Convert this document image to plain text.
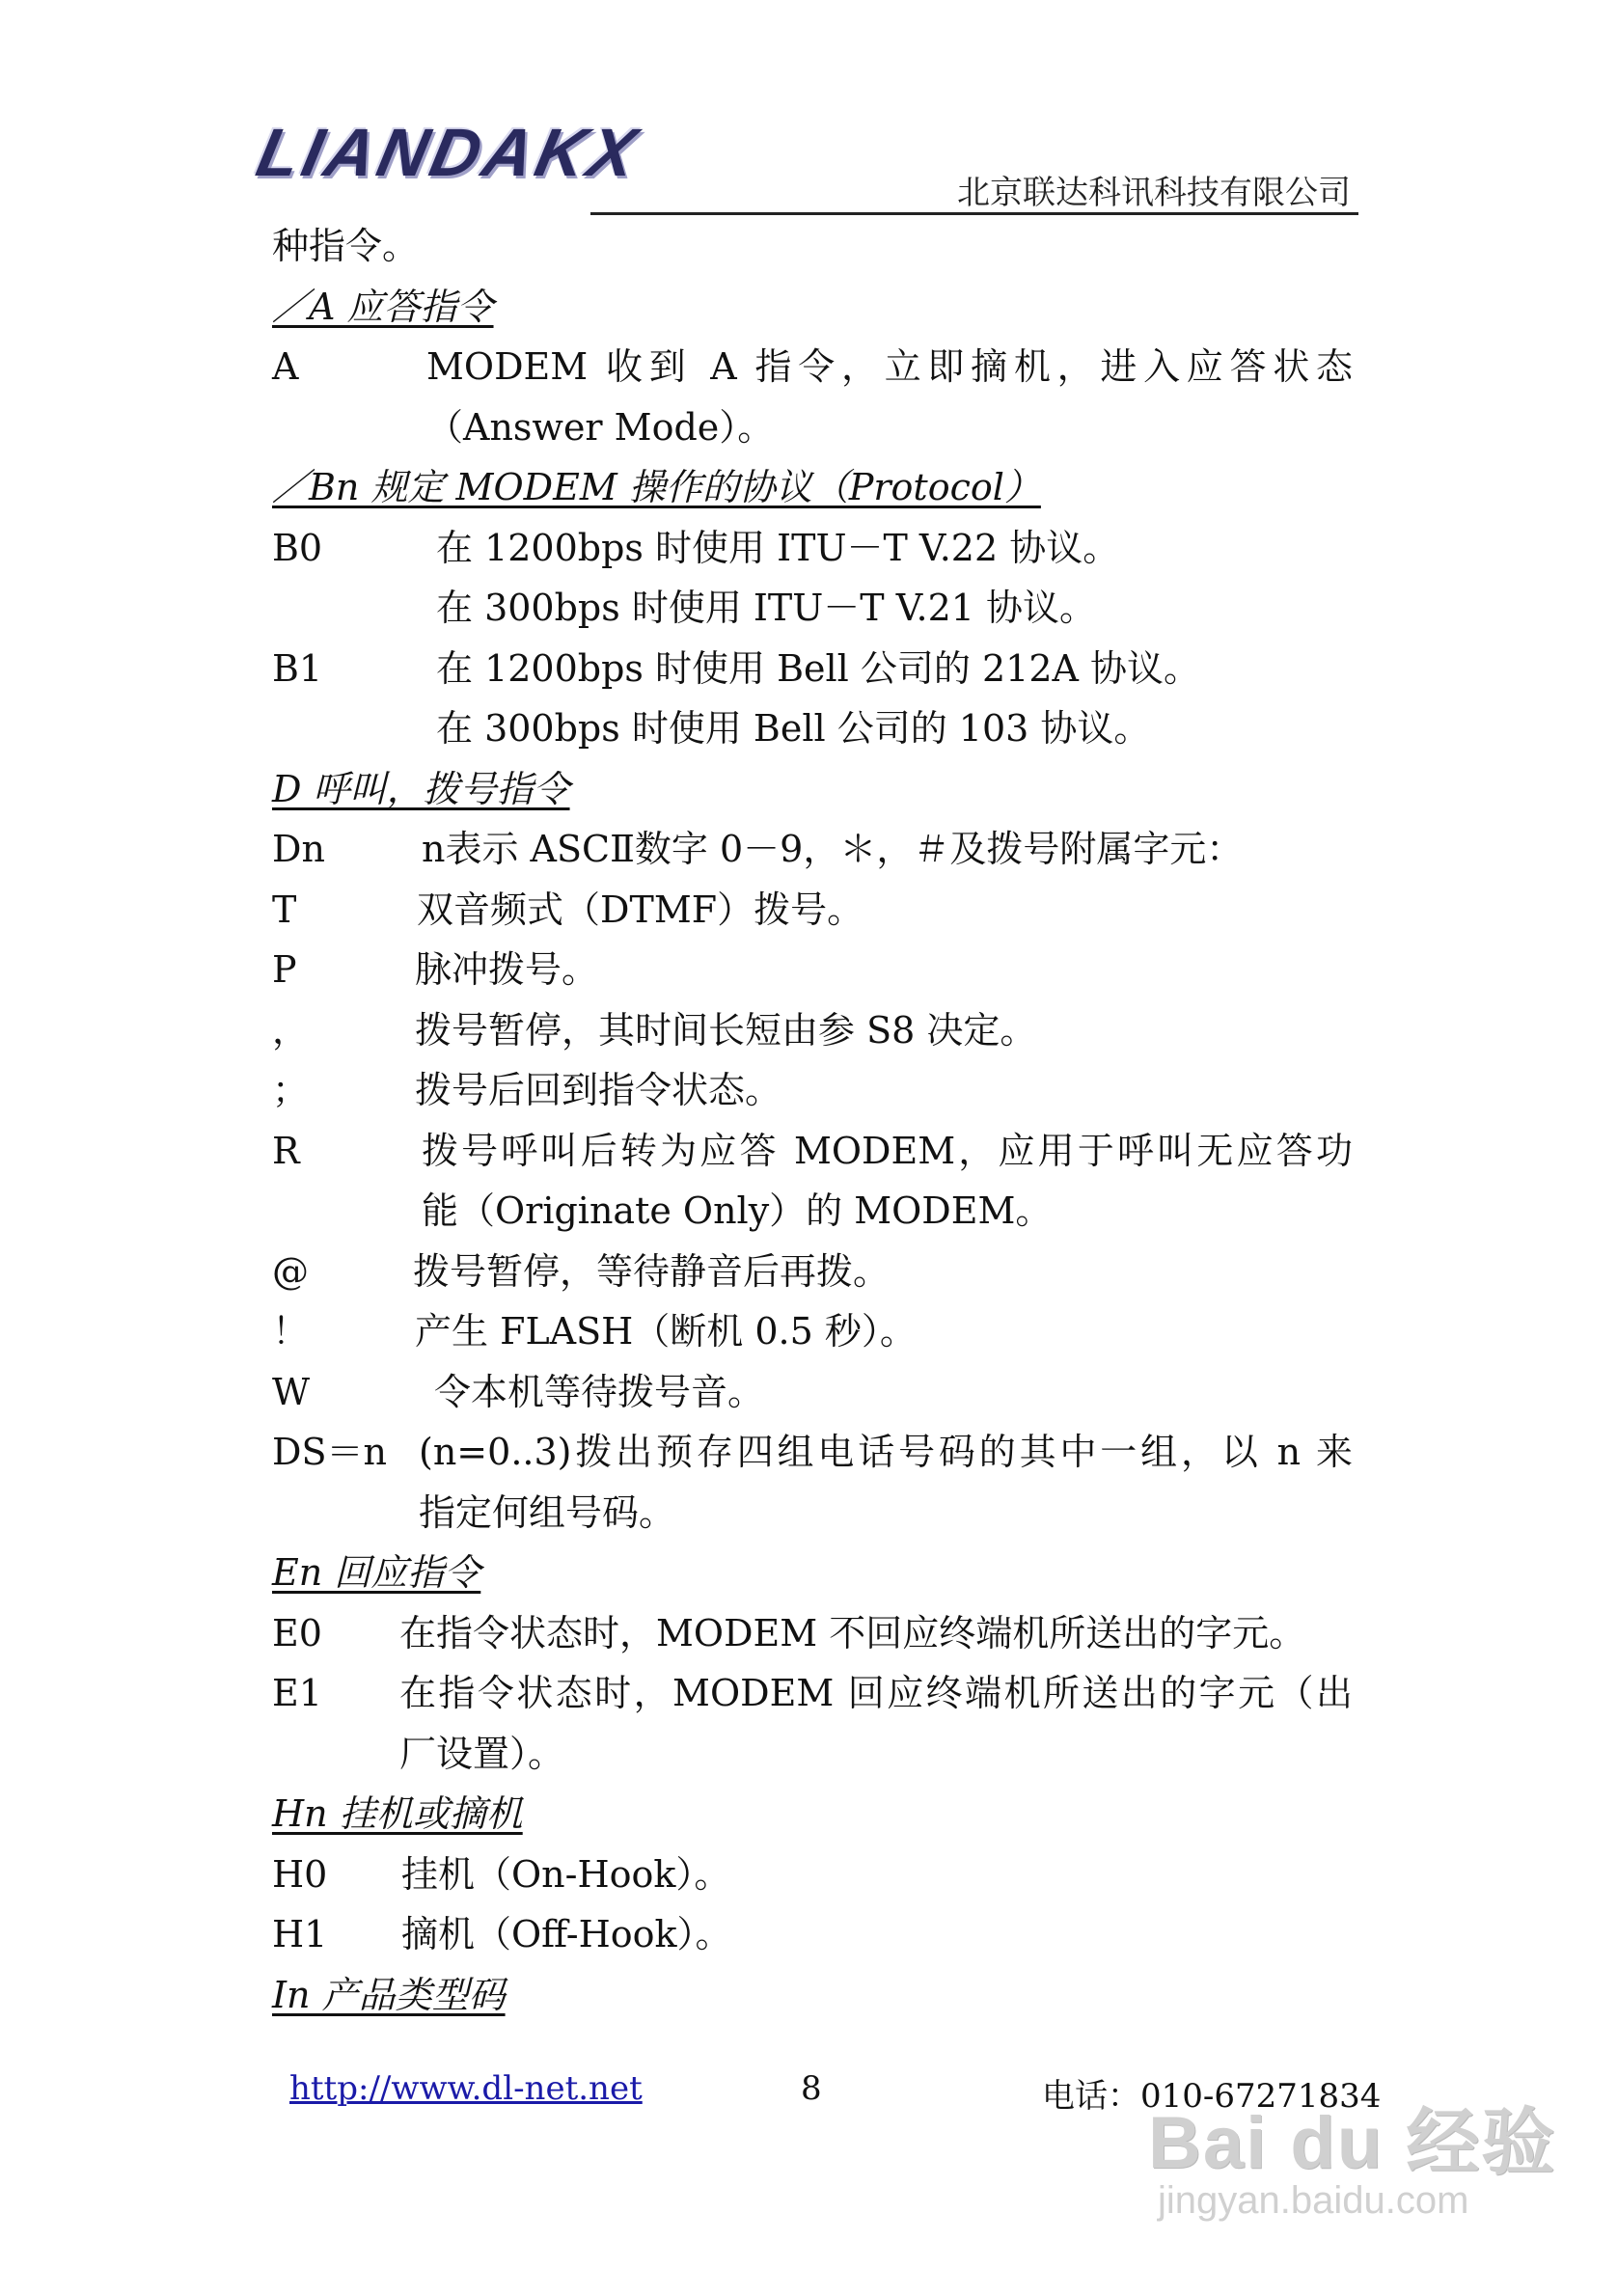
LIANDAKX
北京联达科讯科技有限公司
种指令。
／A 应答指令
A	MODEM 收到 A 指令，立即摘机，进入应答状态
（Answer Mode）。
／Bn 规定 MODEM 操作的协议（Protocol）
B0	在 1200bps 时使用 ITU－T V.22 协议。
在 300bps 时使用 ITU－T V.21 协议。
B1	在 1200bps 时使用 Bell 公司的 212A 协议。
在 300bps 时使用 Bell 公司的 103 协议。
D 呼叫，拨号指令
Dn	n表示 ASCⅡ数字 0－9，＊，＃及拨号附属字元：
T	双音频式（DTMF）拨号。
P	脉冲拨号。
，	拨号暂停，其时间长短由参 S8 决定。
；	拨号后回到指令状态。
R	拨号呼叫后转为应答 MODEM，应用于呼叫无应答功
能（Originate Only）的 MODEM。
@	拨号暂停，等待静音后再拨。
！	产生 FLASH（断机 0.5 秒）。
W	令本机等待拨号音。
DS＝n (n=0..3)拨出预存四组电话号码的其中一组，以 n 来
指定何组号码。
En 回应指令
E0	在指令状态时，MODEM 不回应终端机所送出的字元。
E1	在指令状态时，MODEM 回应终端机所送出的字元（出
厂设置）。
Hn 挂机或摘机
H0	挂机（On-Hook）。
H1	摘机（Off-Hook）。
In 产品类型码
http://www.dl-net.net	8	电话：010-67271834
Bai du 经验
jingyan.baidu.com
